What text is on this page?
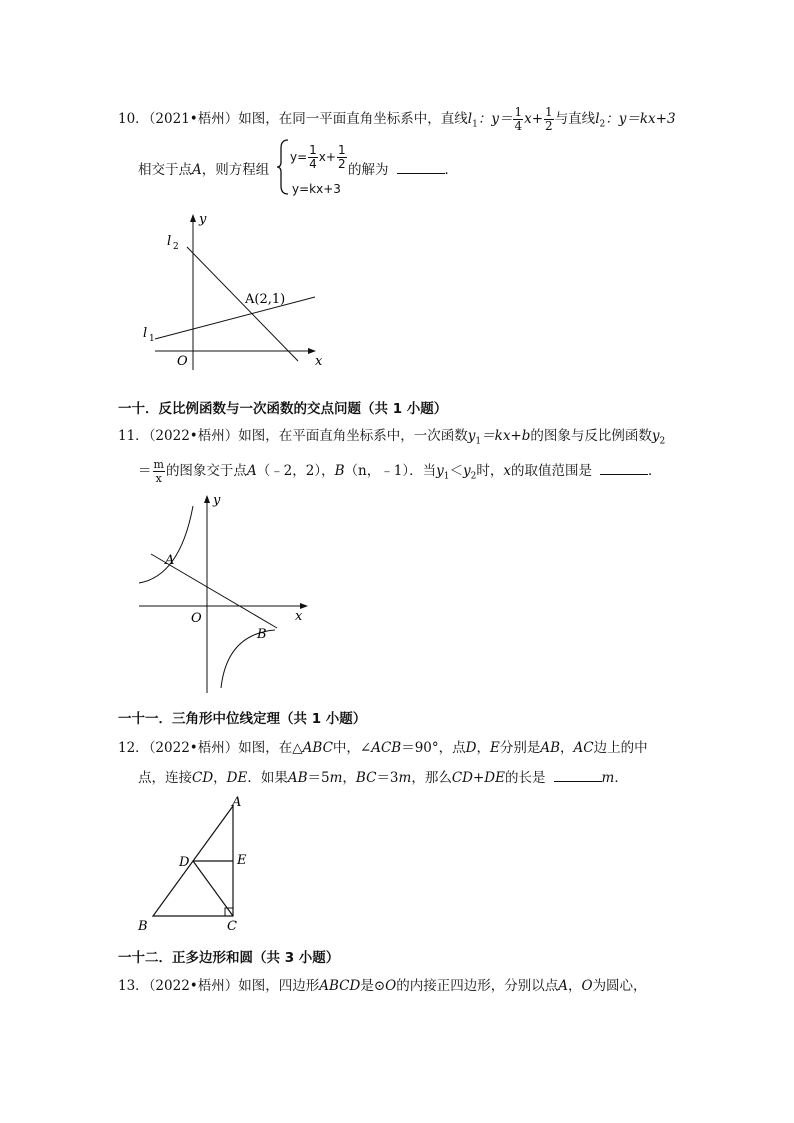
10．（2021•梧州）如图，在同一平面直角坐标系中，直线$l_1$：$y= \frac{1}{4} x+ \frac{1}{2}$ 与直线$l_2$：y＝kx+3
相交于点A，则方程组
$y= \frac{1}{4} x+ \frac{1}{2}$
y=kx+3
的解为	．
y
x
O
l 2
l 1
A(2,1)
一十．反比例函数与一次函数的交点问题（共 1 小题）
11．（2022•梧州）如图，在平面直角坐标系中，一次函数$y_1=kx+b$的图象与反比例函数$y_2$
＝ $\frac{m}{x}$ 的图象交于点A（﹣2，2），B（n，﹣1）．当$y_1<y_2$时，x的取值范围是	．
y
x
O
A
B
一十一．三角形中位线定理（共 1 小题）
12．（2022•梧州）如图，在△ABC中，∠ACB＝90°，点D，E分别是AB，AC边上的中
点，连接CD，DE．如果AB＝5m，BC＝3m，那么CD+DE的长是	m．
A
B	C
D	E
一十二．正多边形和圆（共 3 小题）
13．（2022•梧州）如图，四边形ABCD是⊙O的内接正四边形，分别以点A，O为圆心，
